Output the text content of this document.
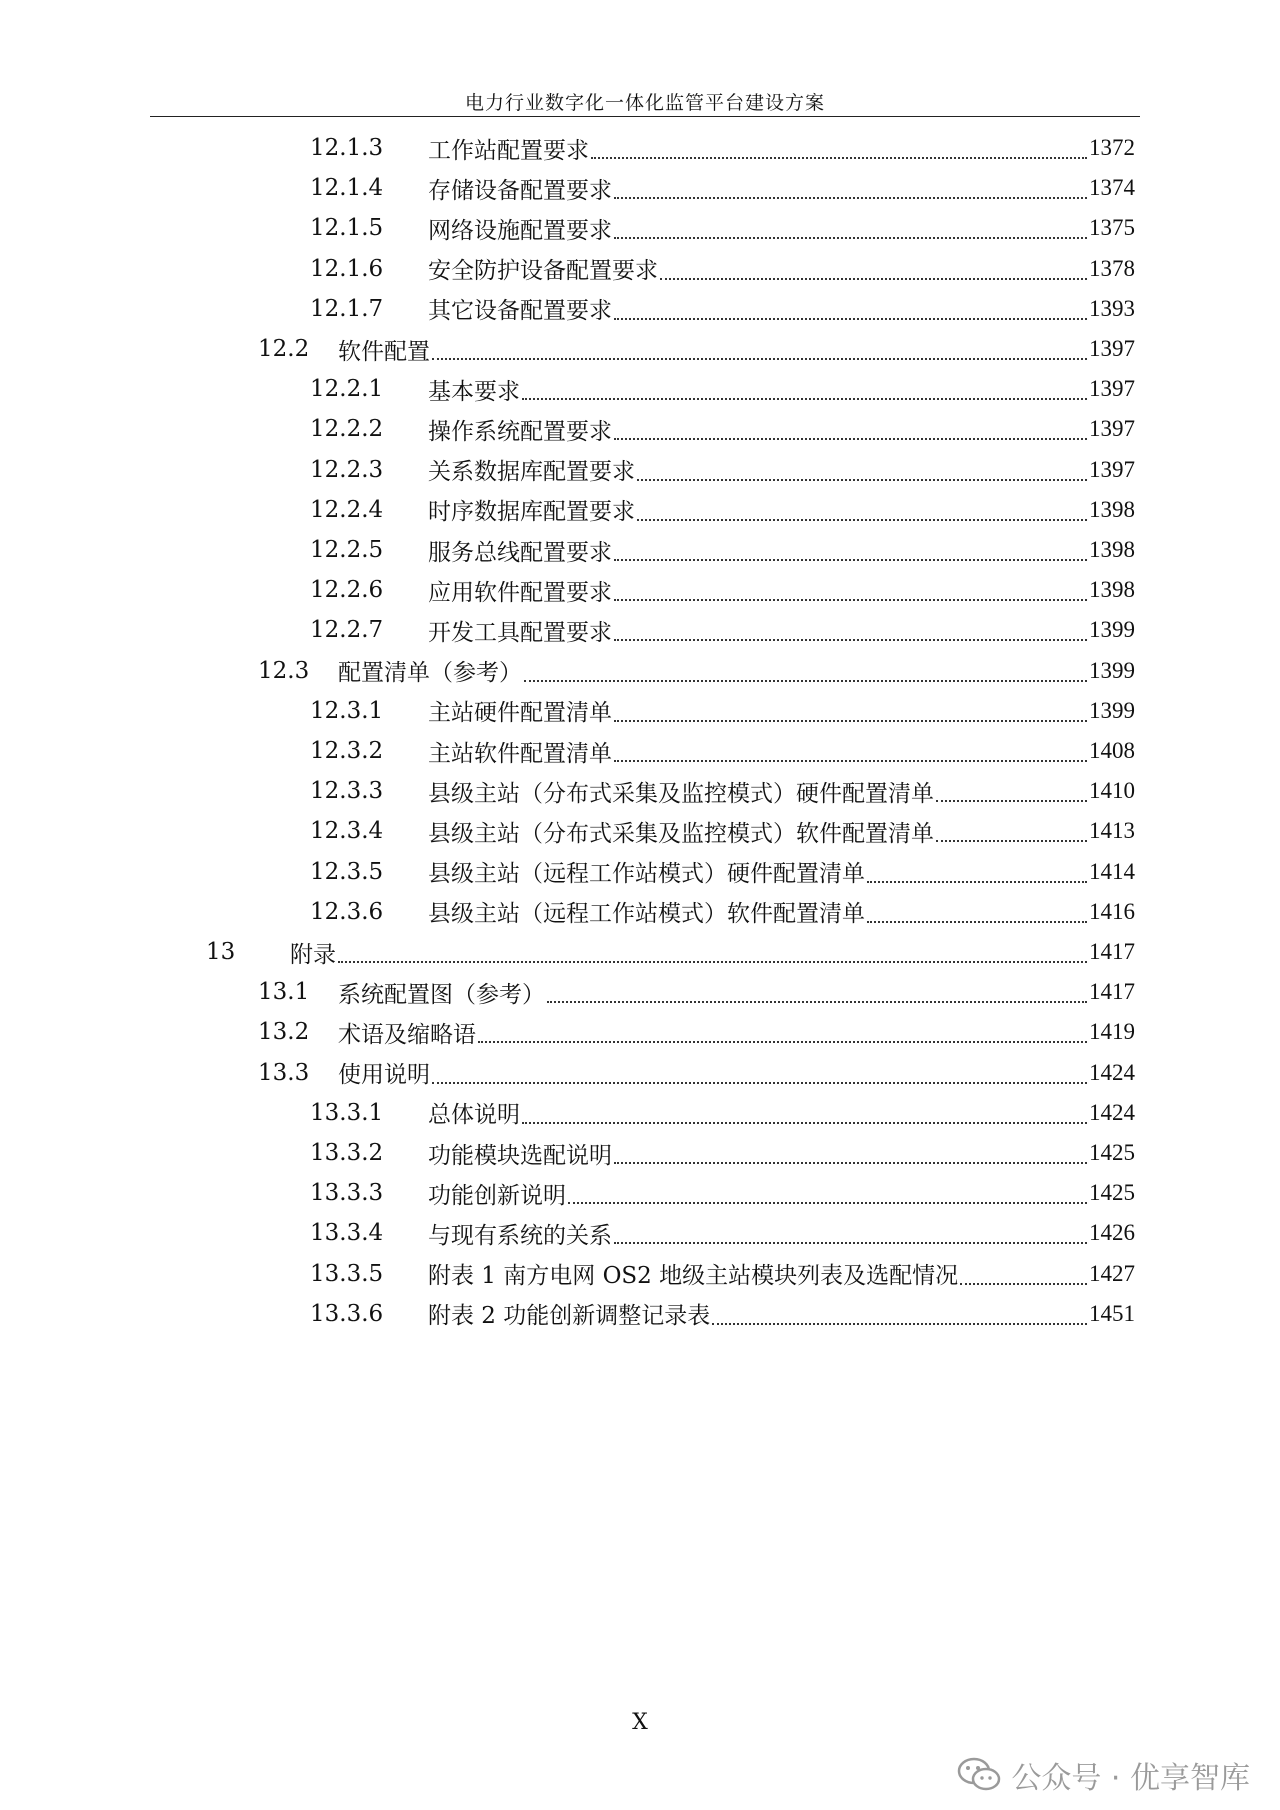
电力行业数字化一体化监管平台建设方案
12.1.3	工作站配置要求	1372
12.1.4	存储设备配置要求	1374
12.1.5	网络设施配置要求	1375
12.1.6	安全防护设备配置要求	1378
12.1.7	其它设备配置要求	1393
12.2	软件配置	1397
12.2.1	基本要求	1397
12.2.2	操作系统配置要求	1397
12.2.3	关系数据库配置要求	1397
12.2.4	时序数据库配置要求	1398
12.2.5	服务总线配置要求	1398
12.2.6	应用软件配置要求	1398
12.2.7	开发工具配置要求	1399
12.3	配置清单（参考）	1399
12.3.1	主站硬件配置清单	1399
12.3.2	主站软件配置清单	1408
12.3.3	县级主站（分布式采集及监控模式）硬件配置清单	1410
12.3.4	县级主站（分布式采集及监控模式）软件配置清单	1413
12.3.5	县级主站（远程工作站模式）硬件配置清单	1414
12.3.6	县级主站（远程工作站模式）软件配置清单	1416
13	附录	1417
13.1	系统配置图（参考）	1417
13.2	术语及缩略语	1419
13.3	使用说明	1424
13.3.1	总体说明	1424
13.3.2	功能模块选配说明	1425
13.3.3	功能创新说明	1425
13.3.4	与现有系统的关系	1426
13.3.5	附表 1 南方电网 OS2 地级主站模块列表及选配情况	1427
13.3.6	附表 2 功能创新调整记录表	1451
X
公众号 · 优享智库
